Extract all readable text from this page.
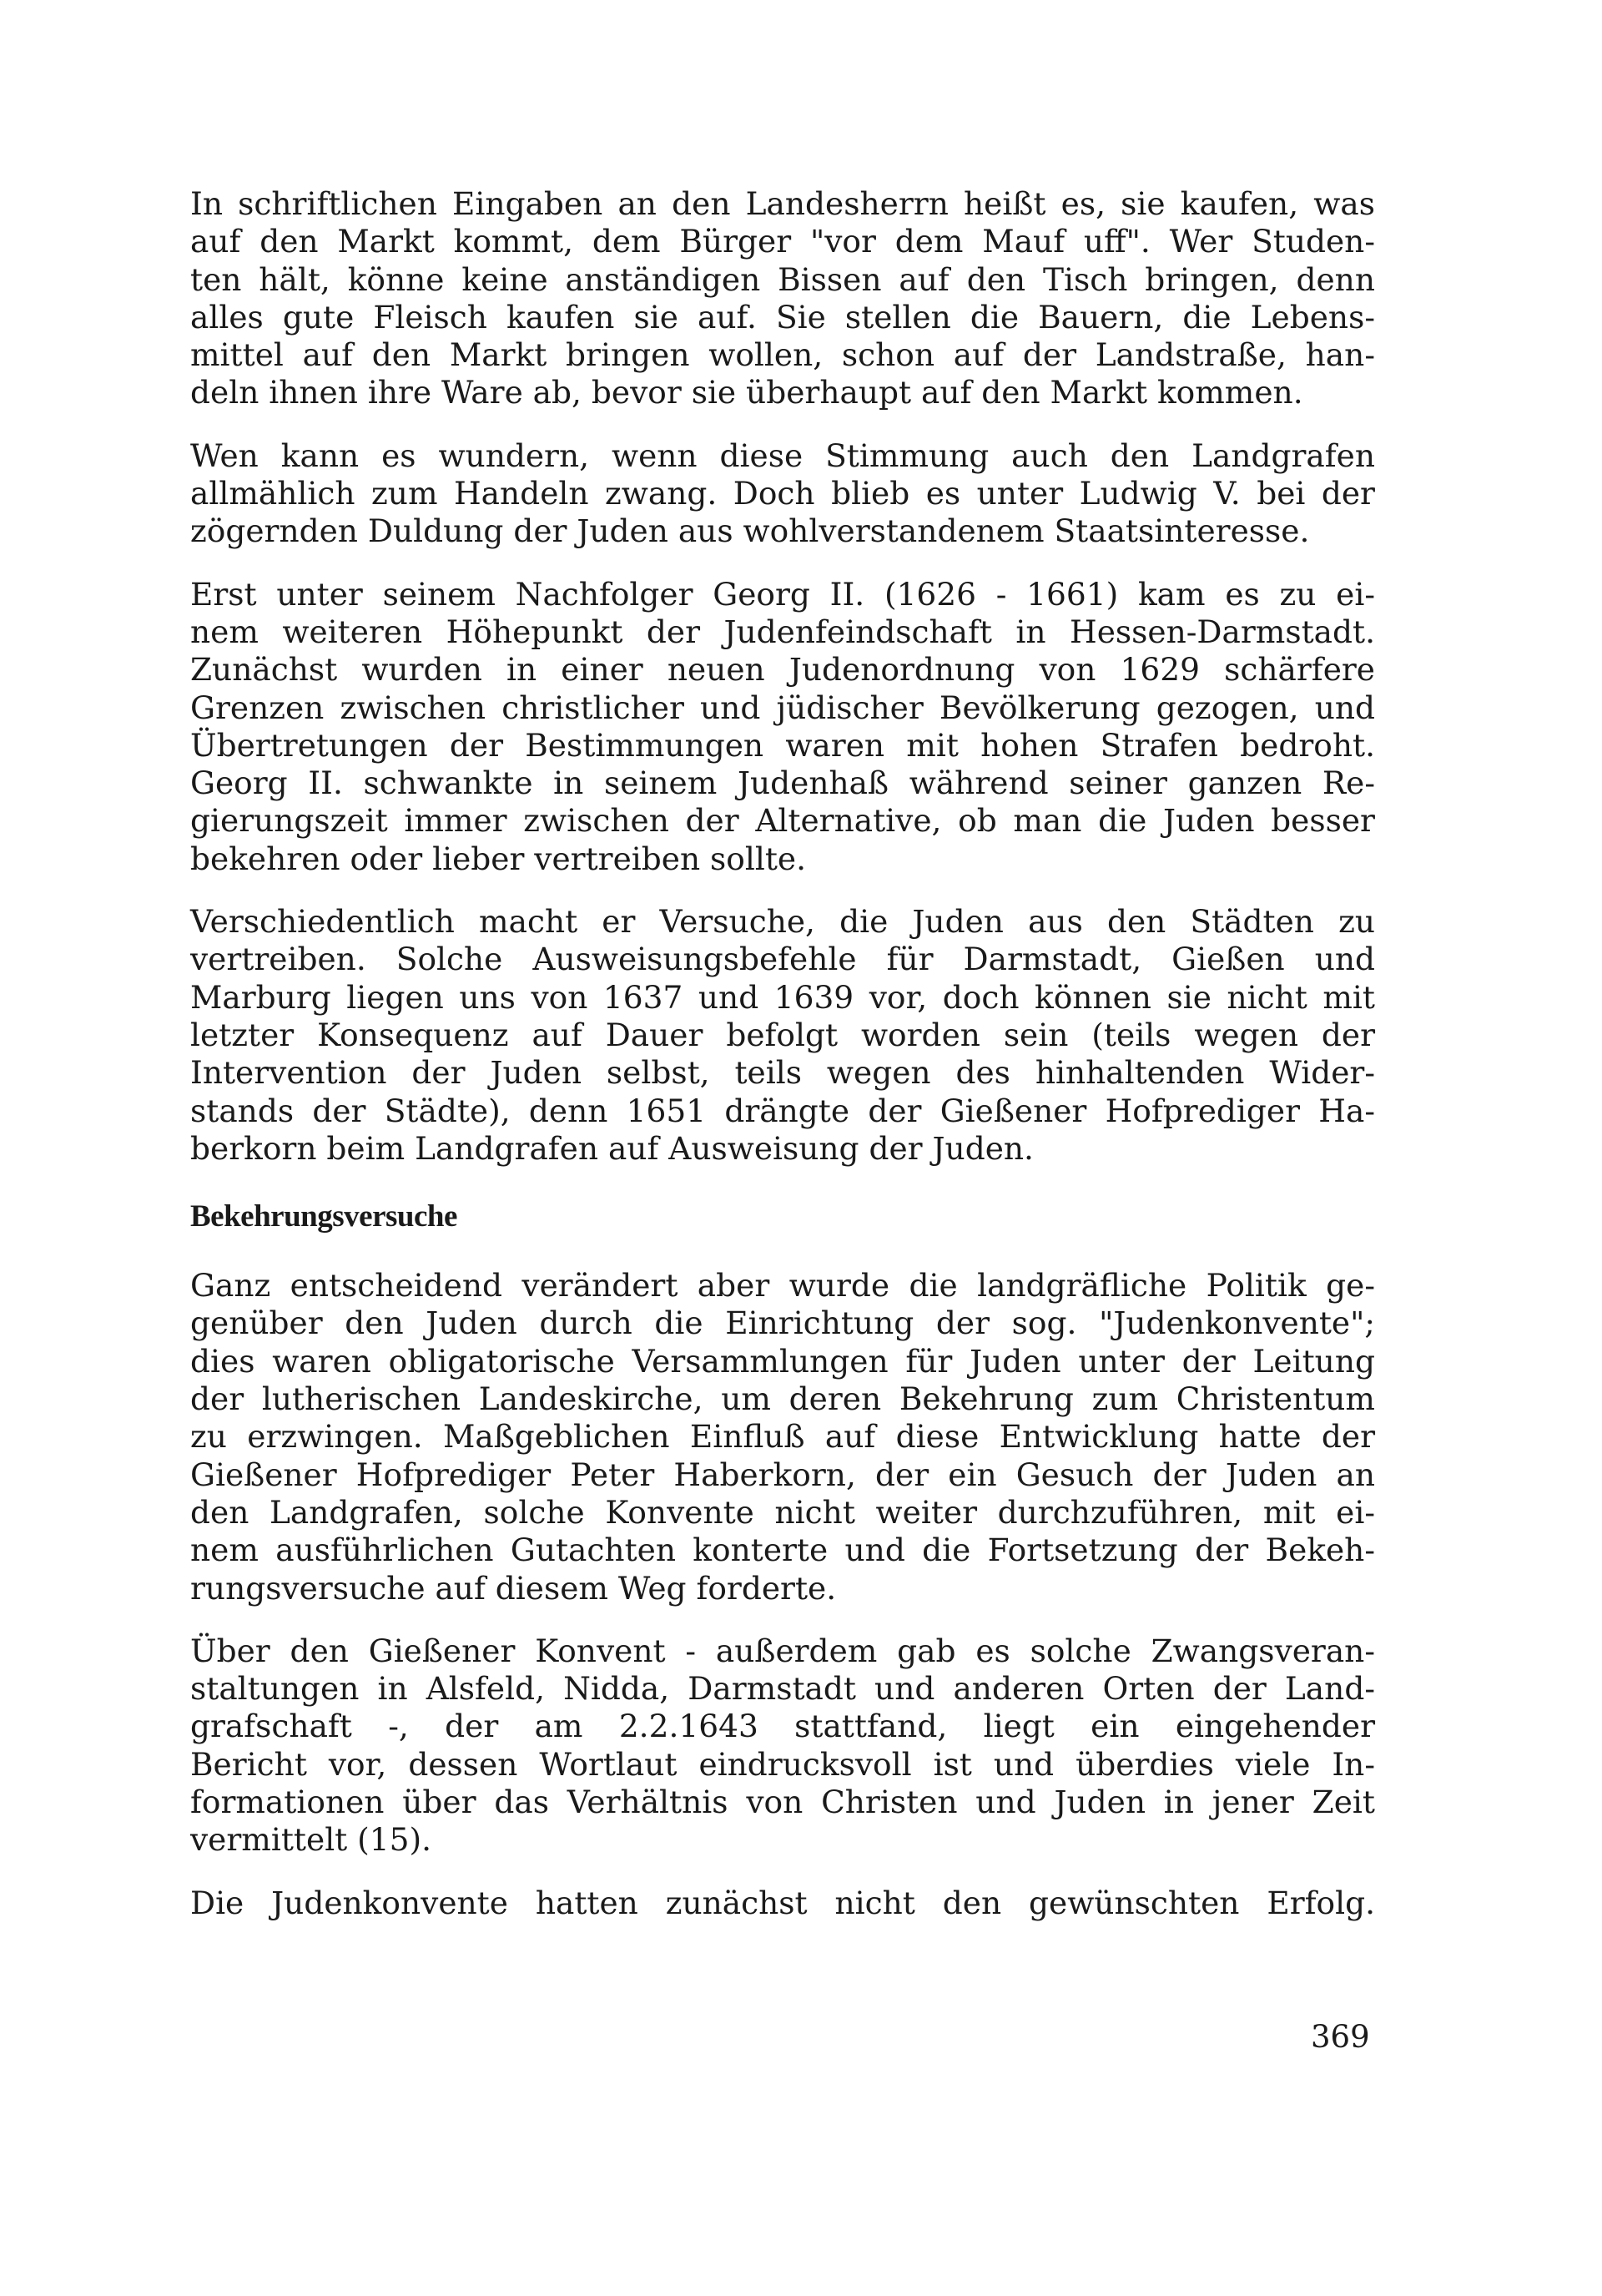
In schriftlichen Eingaben an den Landesherrn heißt es, sie kaufen, was
auf den Markt kommt, dem Bürger "vor dem Mauf uff". Wer Studen-
ten hält, könne keine anständigen Bissen auf den Tisch bringen, denn
alles gute Fleisch kaufen sie auf. Sie stellen die Bauern, die Lebens-
mittel auf den Markt bringen wollen, schon auf der Landstraße, han-
deln ihnen ihre Ware ab, bevor sie überhaupt auf den Markt kommen.
Wen kann es wundern, wenn diese Stimmung auch den Landgrafen
allmählich zum Handeln zwang. Doch blieb es unter Ludwig V. bei der
zögernden Duldung der Juden aus wohlverstandenem Staatsinteresse.
Erst unter seinem Nachfolger Georg II. (1626 - 1661) kam es zu ei-
nem weiteren Höhepunkt der Judenfeindschaft in Hessen-Darmstadt.
Zunächst wurden in einer neuen Judenordnung von 1629 schärfere
Grenzen zwischen christlicher und jüdischer Bevölkerung gezogen, und
Übertretungen der Bestimmungen waren mit hohen Strafen bedroht.
Georg II. schwankte in seinem Judenhaß während seiner ganzen Re-
gierungszeit immer zwischen der Alternative, ob man die Juden besser
bekehren oder lieber vertreiben sollte.
Verschiedentlich macht er Versuche, die Juden aus den Städten zu
vertreiben. Solche Ausweisungsbefehle für Darmstadt, Gießen und
Marburg liegen uns von 1637 und 1639 vor, doch können sie nicht mit
letzter Konsequenz auf Dauer befolgt worden sein (teils wegen der
Intervention der Juden selbst, teils wegen des hinhaltenden Wider-
stands der Städte), denn 1651 drängte der Gießener Hofprediger Ha-
berkorn beim Landgrafen auf Ausweisung der Juden.
Bekehrungsversuche
Ganz entscheidend verändert aber wurde die landgräfliche Politik ge-
genüber den Juden durch die Einrichtung der sog. "Judenkonvente";
dies waren obligatorische Versammlungen für Juden unter der Leitung
der lutherischen Landeskirche, um deren Bekehrung zum Christentum
zu erzwingen. Maßgeblichen Einfluß auf diese Entwicklung hatte der
Gießener Hofprediger Peter Haberkorn, der ein Gesuch der Juden an
den Landgrafen, solche Konvente nicht weiter durchzuführen, mit ei-
nem ausführlichen Gutachten konterte und die Fortsetzung der Bekeh-
rungsversuche auf diesem Weg forderte.
Über den Gießener Konvent - außerdem gab es solche Zwangsveran-
staltungen in Alsfeld, Nidda, Darmstadt und anderen Orten der Land-
grafschaft -, der am 2.2.1643 stattfand, liegt ein eingehender
Bericht vor, dessen Wortlaut eindrucksvoll ist und überdies viele In-
formationen über das Verhältnis von Christen und Juden in jener Zeit
vermittelt (15).
Die Judenkonvente hatten zunächst nicht den gewünschten Erfolg.
369
